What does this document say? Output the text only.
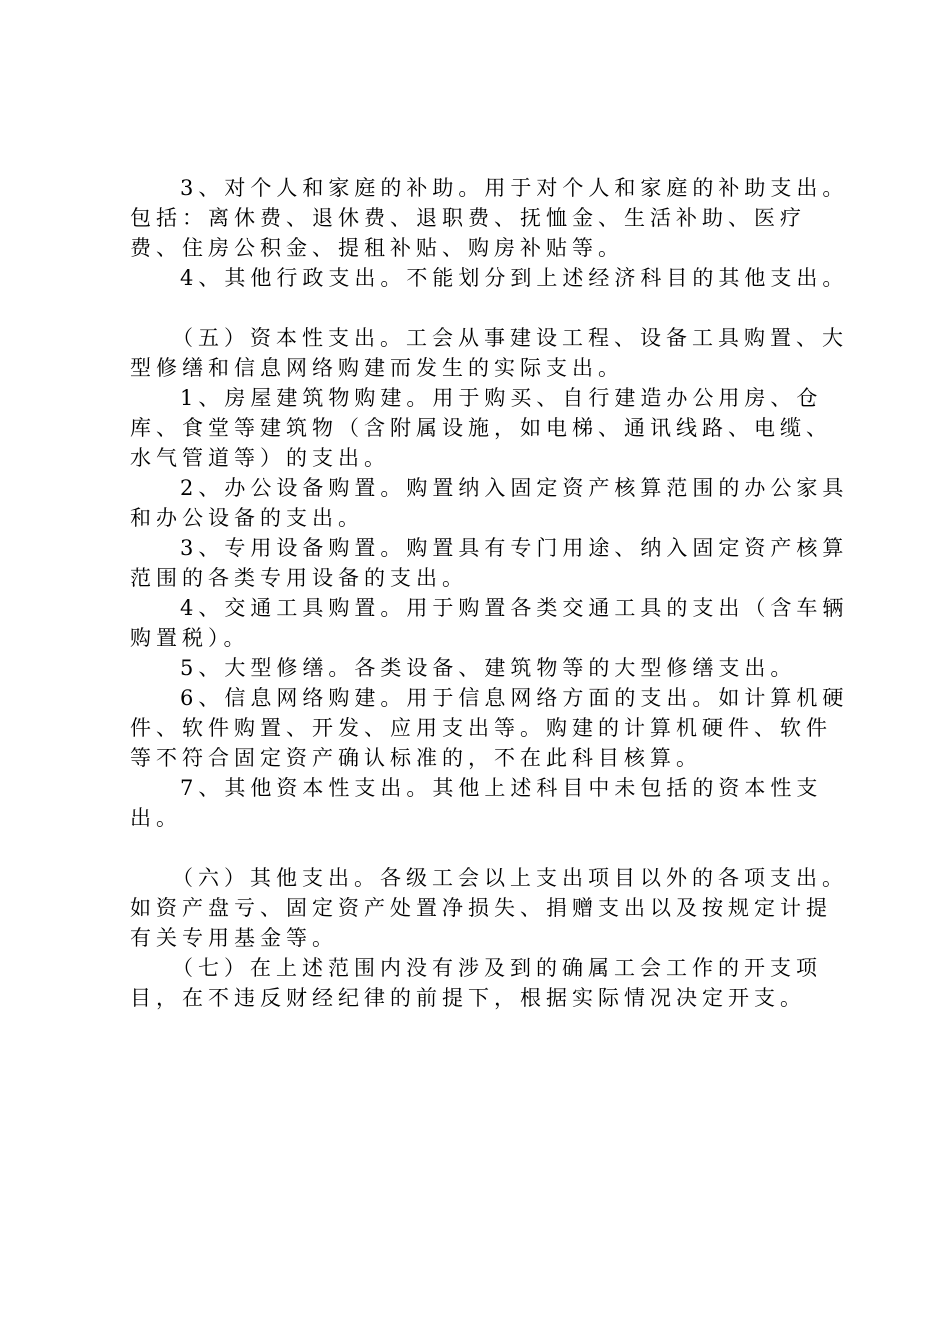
3、对个人和家庭的补助。用于对个人和家庭的补助支出。包括：离休费、退休费、退职费、抚恤金、生活补助、医疗费、住房公积金、提租补贴、购房补贴等。

4、其他行政支出。不能划分到上述经济科目的其他支出。

（五）资本性支出。工会从事建设工程、设备工具购置、大型修缮和信息网络购建而发生的实际支出。

1、房屋建筑物购建。用于购买、自行建造办公用房、仓库、食堂等建筑物（含附属设施，如电梯、通讯线路、电缆、水气管道等）的支出。

2、办公设备购置。购置纳入固定资产核算范围的办公家具和办公设备的支出。

3、专用设备购置。购置具有专门用途、纳入固定资产核算范围的各类专用设备的支出。

4、交通工具购置。用于购置各类交通工具的支出（含车辆购置税）。

5、大型修缮。各类设备、建筑物等的大型修缮支出。

6、信息网络购建。用于信息网络方面的支出。如计算机硬件、软件购置、开发、应用支出等。购建的计算机硬件、软件等不符合固定资产确认标准的，不在此科目核算。

7、其他资本性支出。其他上述科目中未包括的资本性支出。

（六）其他支出。各级工会以上支出项目以外的各项支出。如资产盘亏、固定资产处置净损失、捐赠支出以及按规定计提有关专用基金等。

（七）在上述范围内没有涉及到的确属工会工作的开支项目，在不违反财经纪律的前提下，根据实际情况决定开支。
